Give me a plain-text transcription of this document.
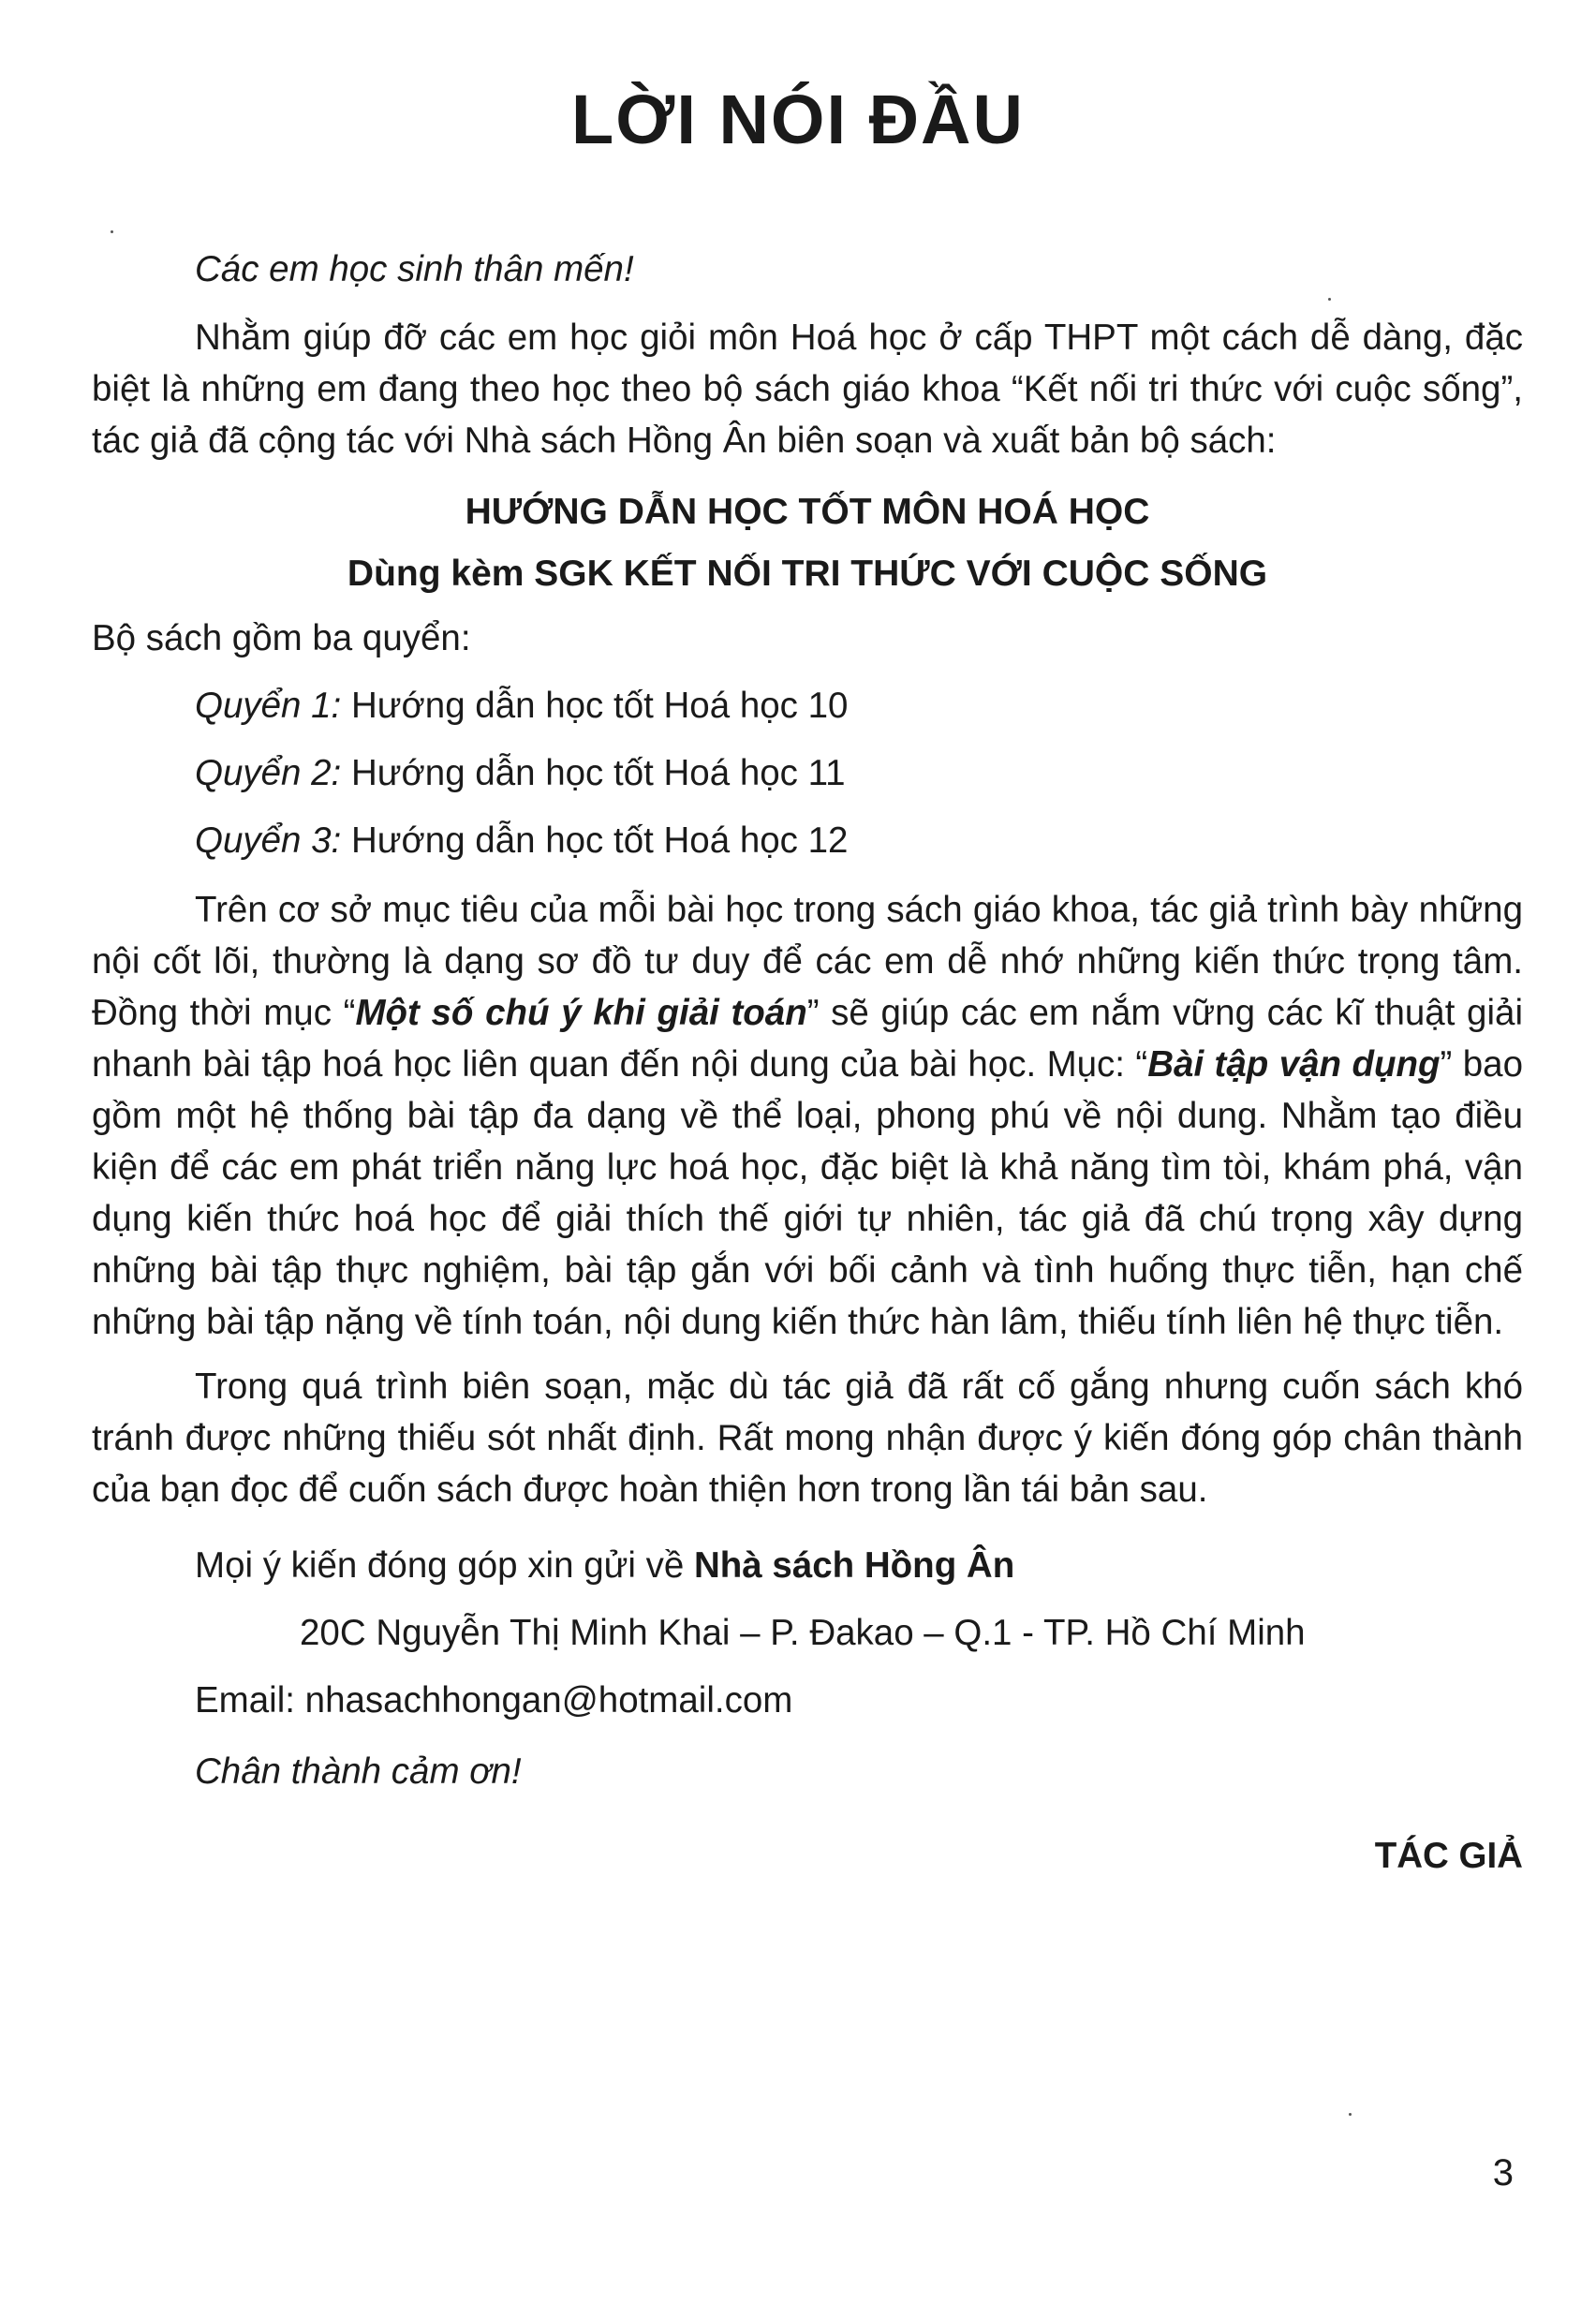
LỜI NÓI ĐẦU

Các em học sinh thân mến!

Nhằm giúp đỡ các em học giỏi môn Hoá học ở cấp THPT một cách dễ dàng, đặc biệt là những em đang theo học theo bộ sách giáo khoa “Kết nối tri thức với cuộc sống”, tác giả đã cộng tác với Nhà sách Hồng Ân biên soạn và xuất bản bộ sách:

HƯỚNG DẪN HỌC TỐT MÔN HOÁ HỌC

Dùng kèm SGK KẾT NỐI TRI THỨC VỚI CUỘC SỐNG

Bộ sách gồm ba quyển:

Quyển 1: Hướng dẫn học tốt Hoá học 10

Quyển 2: Hướng dẫn học tốt Hoá học 11

Quyển 3: Hướng dẫn học tốt Hoá học 12

Trên cơ sở mục tiêu của mỗi bài học trong sách giáo khoa, tác giả trình bày những nội cốt lõi, thường là dạng sơ đồ tư duy để các em dễ nhớ những kiến thức trọng tâm. Đồng thời mục “Một số chú ý khi giải toán” sẽ giúp các em nắm vững các kĩ thuật giải nhanh bài tập hoá học liên quan đến nội dung của bài học. Mục: “Bài tập vận dụng” bao gồm một hệ thống bài tập đa dạng về thể loại, phong phú về nội dung. Nhằm tạo điều kiện để các em phát triển năng lực hoá học, đặc biệt là khả năng tìm tòi, khám phá, vận dụng kiến thức hoá học để giải thích thế giới tự nhiên, tác giả đã chú trọng xây dựng những bài tập thực nghiệm, bài tập gắn với bối cảnh và tình huống thực tiễn, hạn chế những bài tập nặng về tính toán, nội dung kiến thức hàn lâm, thiếu tính liên hệ thực tiễn.

Trong quá trình biên soạn, mặc dù tác giả đã rất cố gắng nhưng cuốn sách khó tránh được những thiếu sót nhất định. Rất mong nhận được ý kiến đóng góp chân thành của bạn đọc để cuốn sách được hoàn thiện hơn trong lần tái bản sau.

Mọi ý kiến đóng góp xin gửi về Nhà sách Hồng Ân

20C Nguyễn Thị Minh Khai – P. Đakao – Q.1 - TP. Hồ Chí Minh

Email: nhasachhongan@hotmail.com

Chân thành cảm ơn!

TÁC GIẢ

3
